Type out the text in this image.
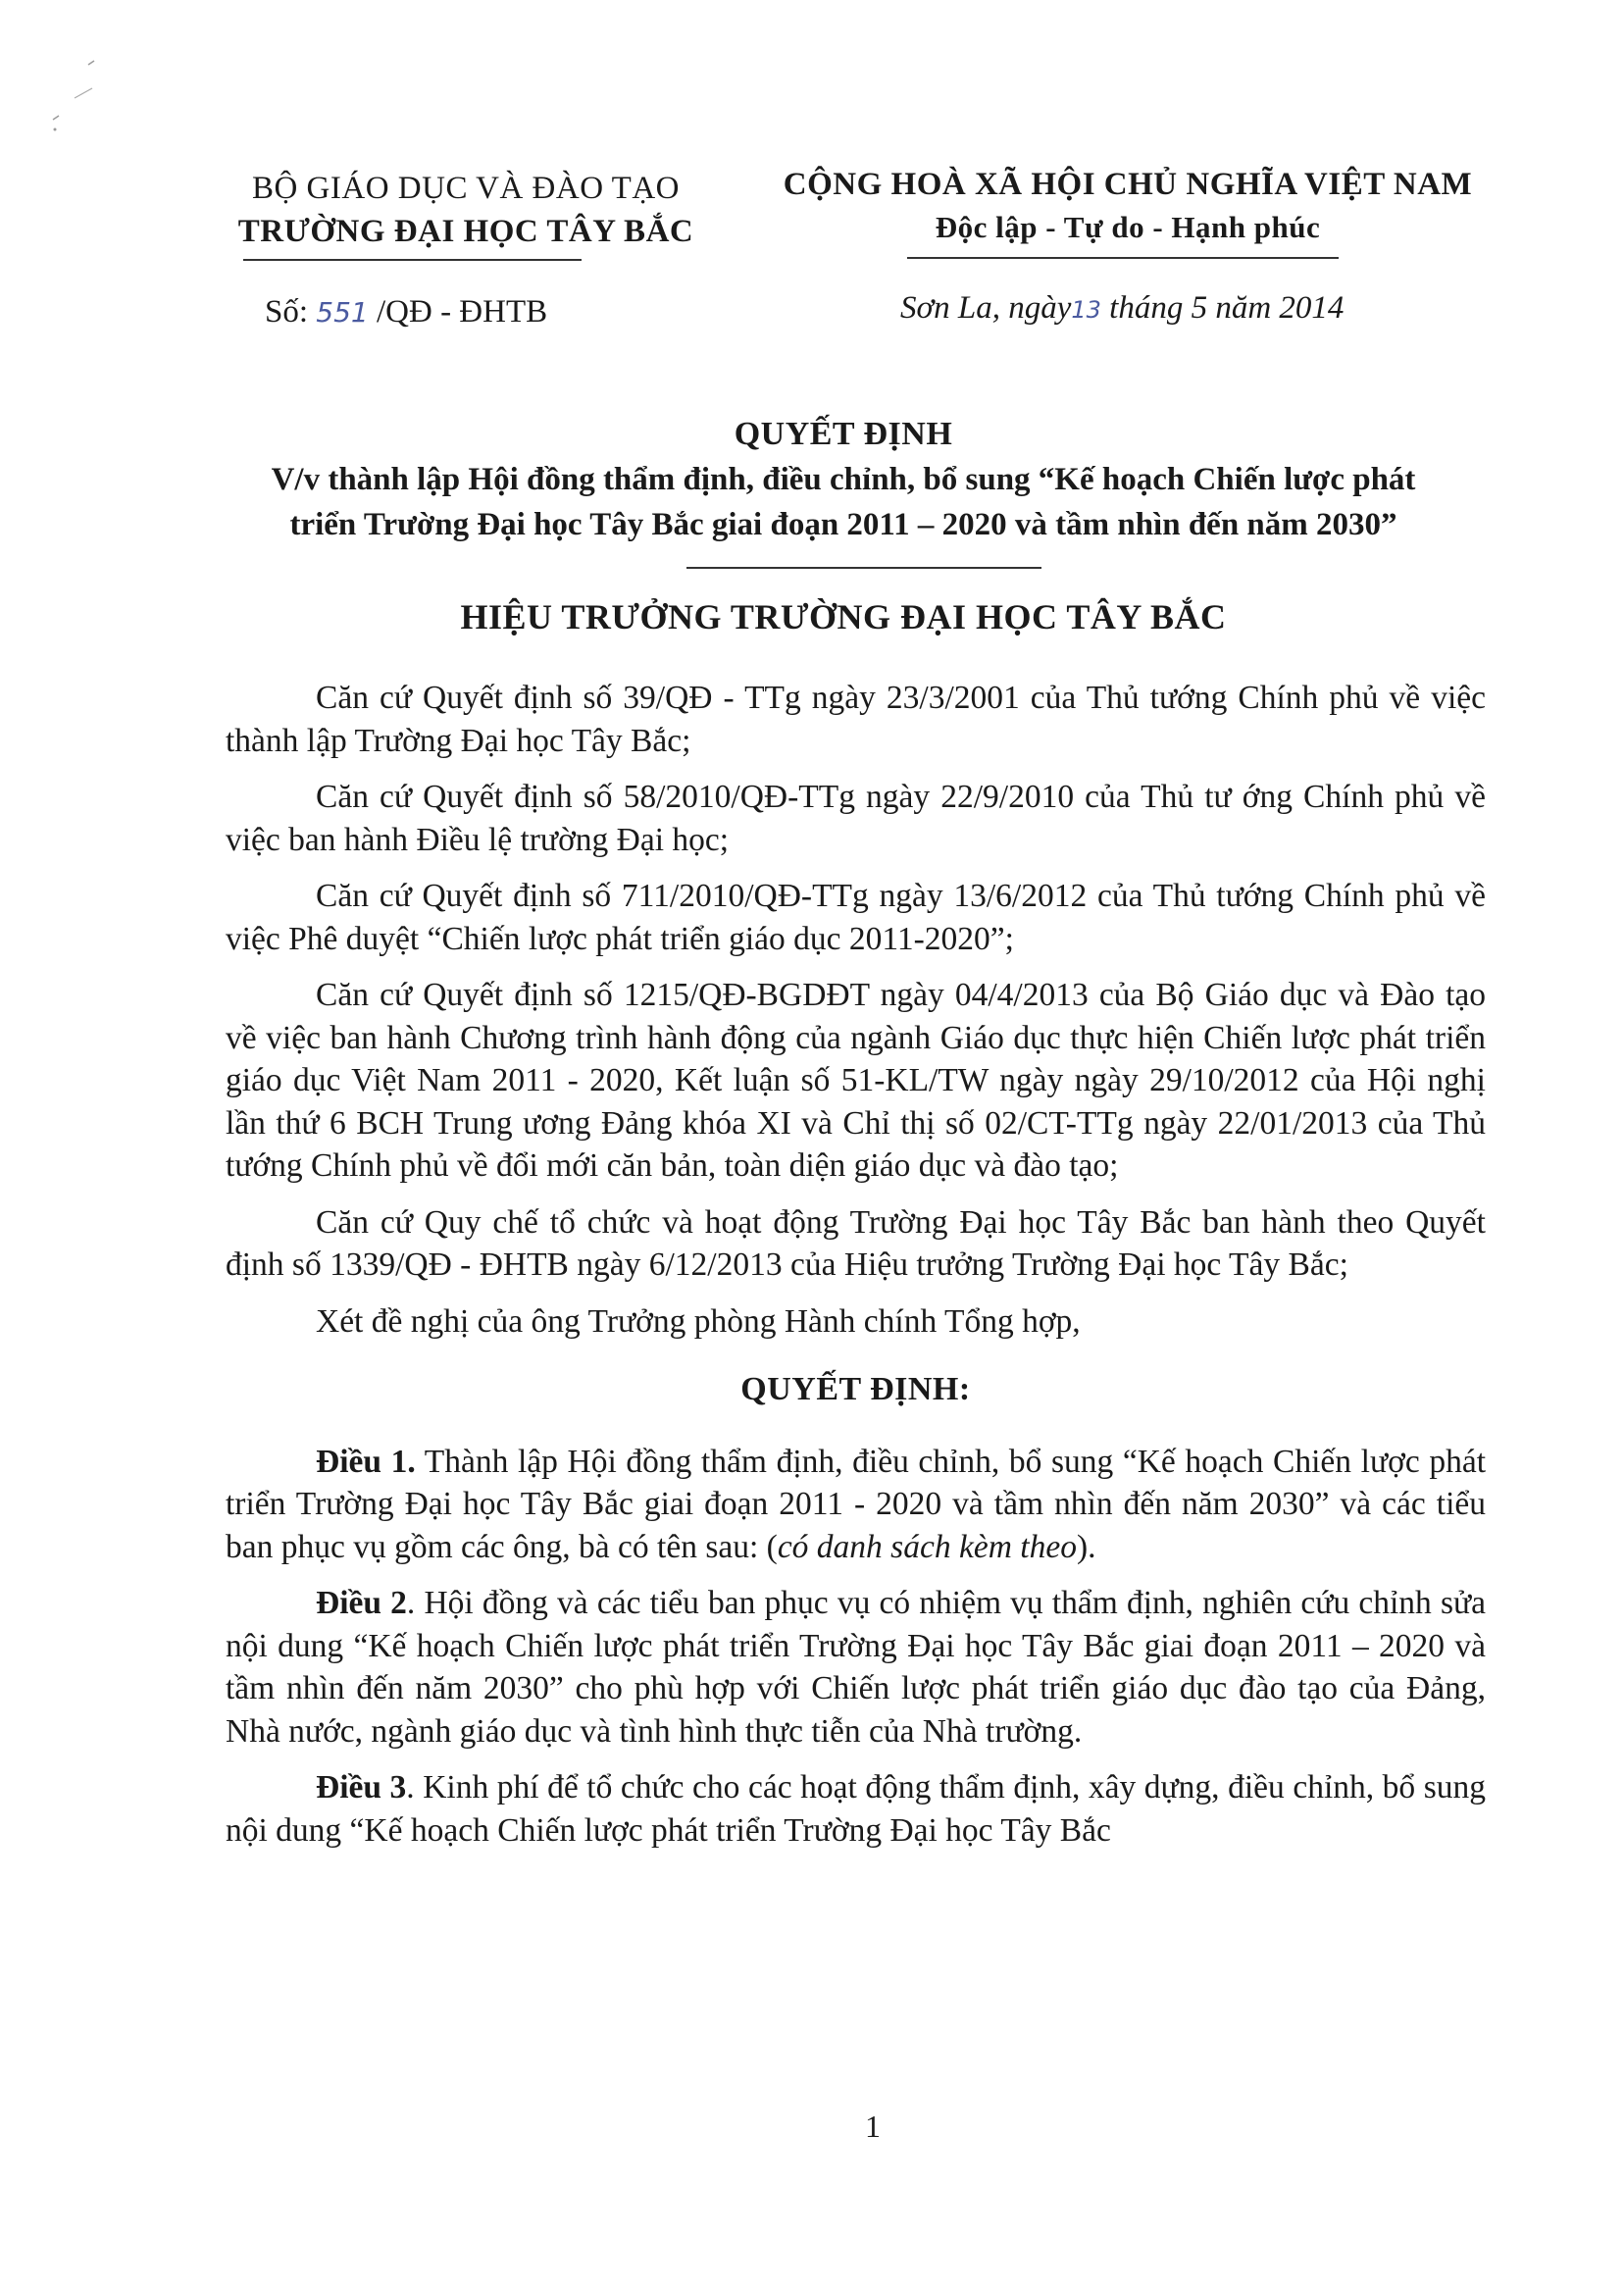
BỘ GIÁO DỤC VÀ ĐÀO TẠO
TRƯỜNG ĐẠI HỌC TÂY BẮC
CỘNG HOÀ XÃ HỘI CHỦ NGHĨA VIỆT NAM
Độc lập - Tự do - Hạnh phúc
Số: 551 /QĐ - ĐHTB	Sơn La, ngày13 tháng 5 năm 2014
QUYẾT ĐỊNH
V/v thành lập Hội đồng thẩm định, điều chỉnh, bổ sung “Kế hoạch Chiến lược phát
triển Trường Đại học Tây Bắc giai đoạn 2011 – 2020 và tầm nhìn đến năm 2030”
HIỆU TRƯỞNG TRƯỜNG ĐẠI HỌC TÂY BẮC

Căn cứ Quyết định số 39/QĐ - TTg ngày 23/3/2001 của Thủ tướng Chính phủ về việc thành lập Trường Đại học Tây Bắc;

Căn cứ Quyết định số 58/2010/QĐ-TTg ngày 22/9/2010 của Thủ tư ớng Chính phủ về việc ban hành Điều lệ trường Đại học;

Căn cứ Quyết định số 711/2010/QĐ-TTg ngày 13/6/2012 của Thủ tướng Chính phủ về việc Phê duyệt “Chiến lược phát triển giáo dục 2011-2020”;

Căn cứ Quyết định số 1215/QĐ-BGDĐT ngày 04/4/2013 của Bộ Giáo dục và Đào tạo về việc ban hành Chương trình hành động của ngành Giáo dục thực hiện Chiến lược phát triển giáo dục Việt Nam 2011 - 2020, Kết luận số 51-KL/TW ngày ngày 29/10/2012 của Hội nghị lần thứ 6 BCH Trung ương Đảng khóa XI và Chỉ thị số 02/CT-TTg ngày 22/01/2013 của Thủ tướng Chính phủ về đổi mới căn bản, toàn diện giáo dục và đào tạo;

Căn cứ Quy chế tổ chức và hoạt động Trường Đại học Tây Bắc ban hành theo Quyết định số 1339/QĐ - ĐHTB ngày 6/12/2013 của Hiệu trưởng Trường Đại học Tây Bắc;

Xét đề nghị của ông Trưởng phòng Hành chính Tổng hợp,

QUYẾT ĐỊNH:

Điều 1. Thành lập Hội đồng thẩm định, điều chỉnh, bổ sung “Kế hoạch Chiến lược phát triển Trường Đại học Tây Bắc giai đoạn 2011 - 2020 và tầm nhìn đến năm 2030” và các tiểu ban phục vụ gồm các ông, bà có tên sau: (có danh sách kèm theo).

Điều 2. Hội đồng và các tiểu ban phục vụ có nhiệm vụ thẩm định, nghiên cứu chỉnh sửa nội dung “Kế hoạch Chiến lược phát triển Trường Đại học Tây Bắc giai đoạn 2011 – 2020 và tầm nhìn đến năm 2030” cho phù hợp với Chiến lược phát triển giáo dục đào tạo của Đảng, Nhà nước, ngành giáo dục và tình hình thực tiễn của Nhà trường.

Điều 3. Kinh phí để tổ chức cho các hoạt động thẩm định, xây dựng, điều chỉnh, bổ sung nội dung “Kế hoạch Chiến lược phát triển Trường Đại học Tây Bắc

1
